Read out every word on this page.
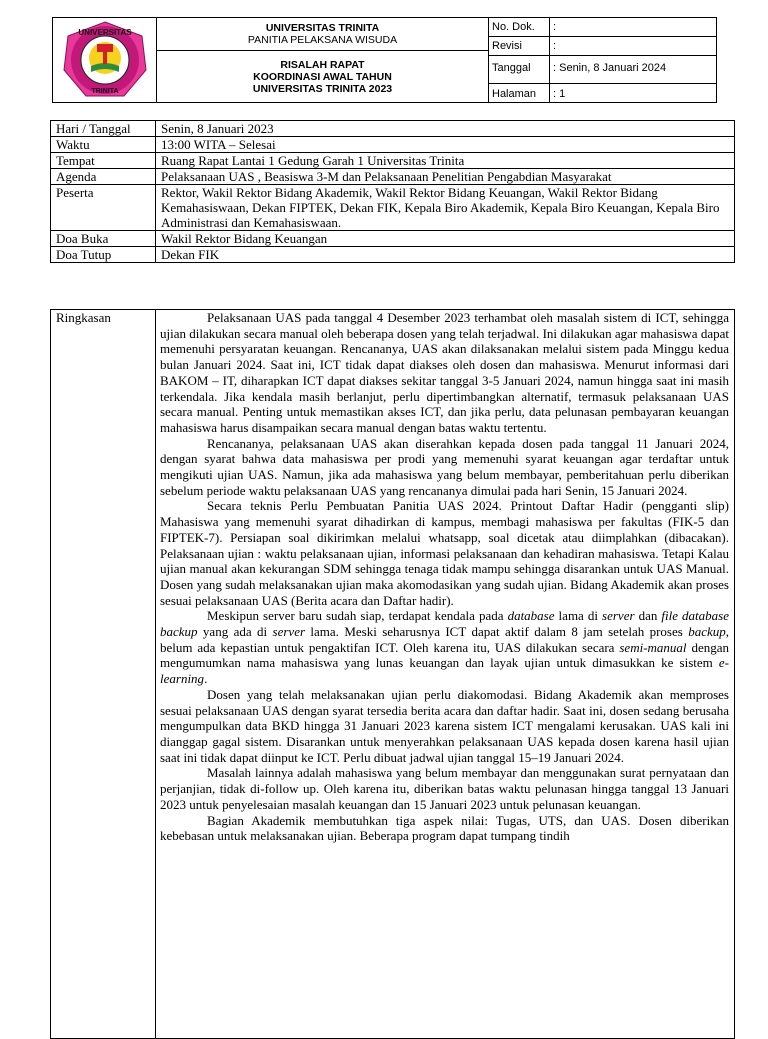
UNIVERSITAS
TRINITA
UNIVERSITAS TRINITA
PANITIA PELAKSANA WISUDA
RISALAH RAPAT
KOORDINASI AWAL TAHUN
UNIVERSITAS TRINITA 2023
No. Dok. :
Revisi	:
Tanggal : Senin, 8 Januari 2024
Halaman : 1
Hari / Tanggal	Senin, 8 Januari 2023
Waktu	13:00 WITA – Selesai
Tempat	Ruang Rapat Lantai 1 Gedung Garah 1 Universitas Trinita
Agenda	Pelaksanaan UAS , Beasiswa 3-M dan Pelaksanaan Penelitian Pengabdian Masyarakat
Peserta	Rektor, Wakil Rektor Bidang Akademik, Wakil Rektor Bidang Keuangan, Wakil Rektor Bidang Kemahasiswaan, Dekan FIPTEK, Dekan FIK, Kepala Biro Akademik, Kepala Biro Keuangan, Kepala Biro Administrasi dan Kemahasiswaan.
Doa Buka	Wakil Rektor Bidang Keuangan
Doa Tutup	Dekan FIK
Ringkasan	Pelaksanaan UAS pada tanggal 4 Desember 2023 terhambat oleh masalah sistem di ICT, sehingga ujian dilakukan secara manual oleh beberapa dosen yang telah terjadwal. Ini dilakukan agar mahasiswa dapat memenuhi persyaratan keuangan. Rencananya, UAS akan dilaksanakan melalui sistem pada Minggu kedua bulan Januari 2024. Saat ini, ICT tidak dapat diakses oleh dosen dan mahasiswa. Menurut informasi dari BAKOM – IT, diharapkan ICT dapat diakses sekitar tanggal 3-5 Januari 2024, namun hingga saat ini masih terkendala. Jika kendala masih berlanjut, perlu dipertimbangkan alternatif, termasuk pelaksanaan UAS secara manual. Penting untuk memastikan akses ICT, dan jika perlu, data pelunasan pembayaran keuangan mahasiswa harus disampaikan secara manual dengan batas waktu tertentu.

Rencananya, pelaksanaan UAS akan diserahkan kepada dosen pada tanggal 11 Januari 2024, dengan syarat bahwa data mahasiswa per prodi yang memenuhi syarat keuangan agar terdaftar untuk mengikuti ujian UAS. Namun, jika ada mahasiswa yang belum membayar, pemberitahuan perlu diberikan sebelum periode waktu pelaksanaan UAS yang rencananya dimulai pada hari Senin, 15 Januari 2024.

Secara teknis Perlu Pembuatan Panitia UAS 2024. Printout Daftar Hadir (pengganti slip) Mahasiswa yang memenuhi syarat dihadirkan di kampus, membagi mahasiswa per fakultas (FIK-5 dan FIPTEK-7). Persiapan soal dikirimkan melalui whatsapp, soal dicetak atau diimplahkan (dibacakan). Pelaksanaan ujian : waktu pelaksanaan ujian, informasi pelaksanaan dan kehadiran mahasiswa. Tetapi Kalau ujian manual akan kekurangan SDM sehingga tenaga tidak mampu sehingga disarankan untuk UAS Manual. Dosen yang sudah melaksanakan ujian maka akomodasikan yang sudah ujian. Bidang Akademik akan proses sesuai pelaksanaan UAS (Berita acara dan Daftar hadir).

Meskipun server baru sudah siap, terdapat kendala pada database lama di server dan file database backup yang ada di server lama. Meski seharusnya ICT dapat aktif dalam 8 jam setelah proses backup, belum ada kepastian untuk pengaktifan ICT. Oleh karena itu, UAS dilakukan secara semi-manual dengan mengumumkan nama mahasiswa yang lunas keuangan dan layak ujian untuk dimasukkan ke sistem e-learning.

Dosen yang telah melaksanakan ujian perlu diakomodasi. Bidang Akademik akan memproses sesuai pelaksanaan UAS dengan syarat tersedia berita acara dan daftar hadir. Saat ini, dosen sedang berusaha mengumpulkan data BKD hingga 31 Januari 2023 karena sistem ICT mengalami kerusakan. UAS kali ini dianggap gagal sistem. Disarankan untuk menyerahkan pelaksanaan UAS kepada dosen karena hasil ujian saat ini tidak dapat diinput ke ICT. Perlu dibuat jadwal ujian tanggal 15–19 Januari 2024.

Masalah lainnya adalah mahasiswa yang belum membayar dan menggunakan surat pernyataan dan perjanjian, tidak di-follow up. Oleh karena itu, diberikan batas waktu pelunasan hingga tanggal 13 Januari 2023 untuk penyelesaian masalah keuangan dan 15 Januari 2023 untuk pelunasan keuangan.

Bagian Akademik membutuhkan tiga aspek nilai: Tugas, UTS, dan UAS. Dosen diberikan kebebasan untuk melaksanakan ujian. Beberapa program dapat tumpang tindih
